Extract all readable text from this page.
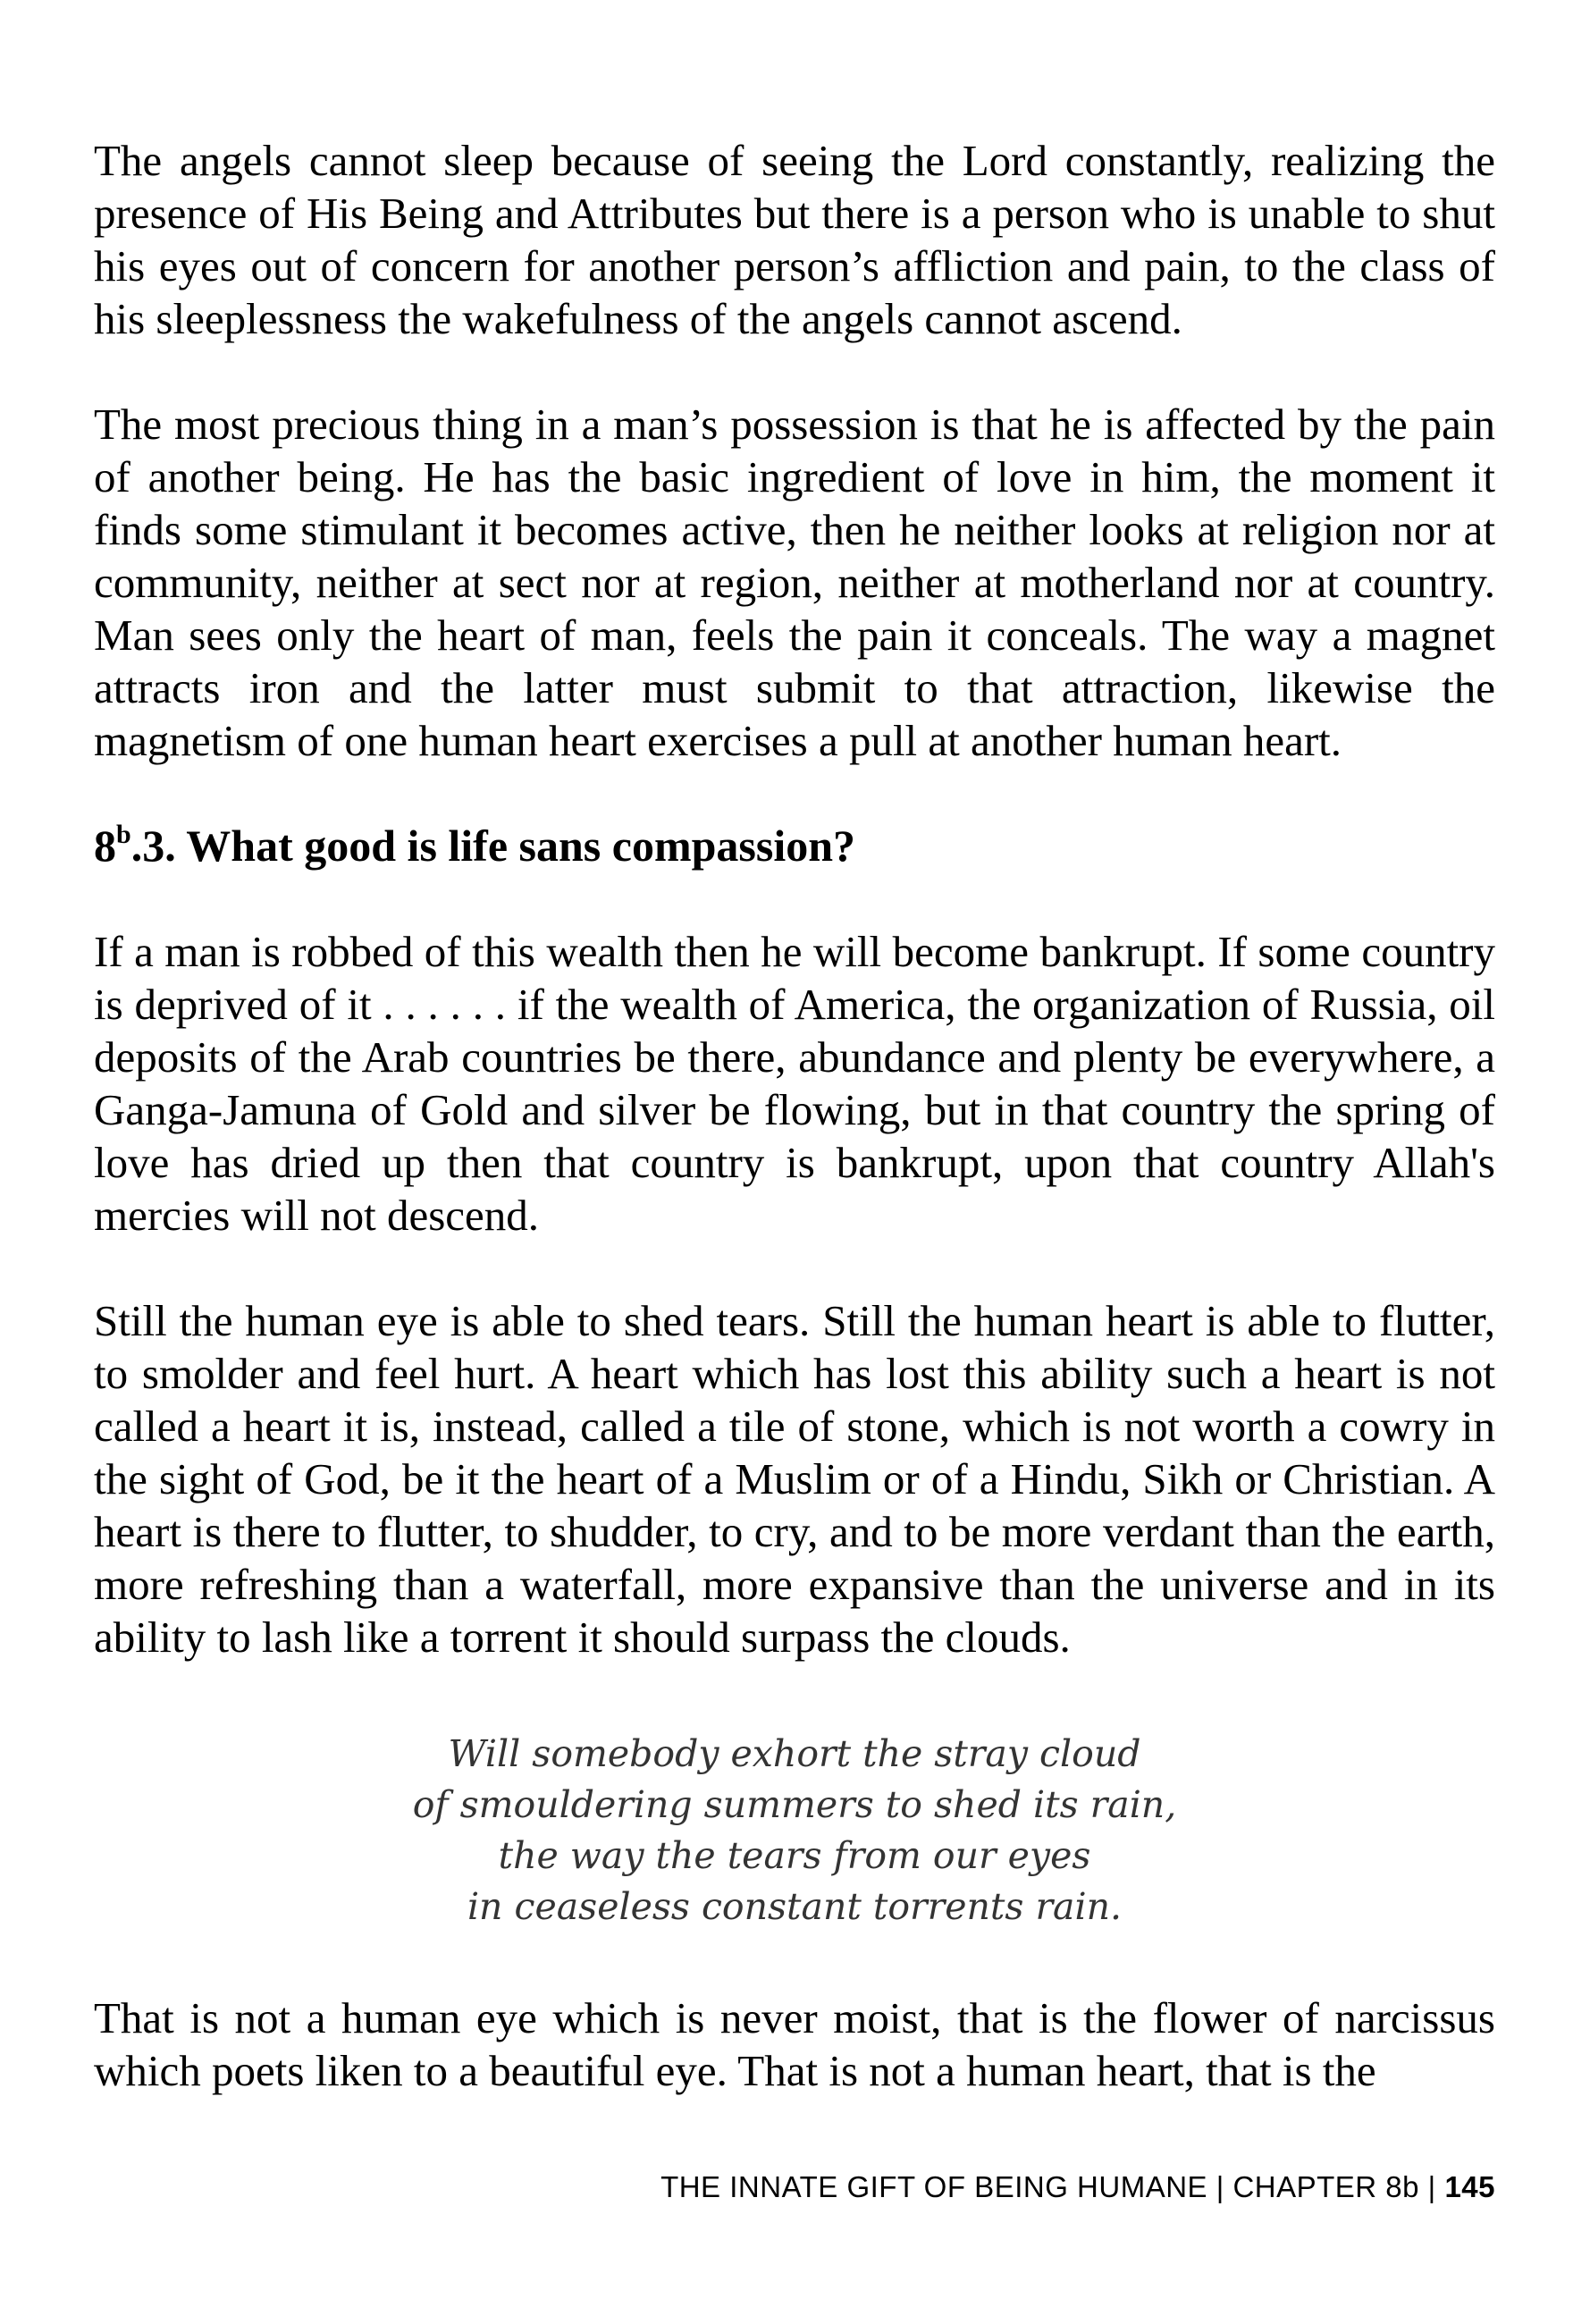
The angels cannot sleep because of seeing the Lord constantly, realizing the presence of His Being and Attributes but there is a person who is unable to shut his eyes out of concern for another person’s affliction and pain, to the class of his sleeplessness the wakefulness of the angels cannot ascend.

The most precious thing in a man’s possession is that he is affected by the pain of another being. He has the basic ingredient of love in him, the moment it finds some stimulant it becomes active, then he neither looks at religion nor at community, neither at sect nor at region, neither at motherland nor at country. Man sees only the heart of man, feels the pain it conceals. The way a magnet attracts iron and the latter must submit to that attraction, likewise the magnetism of one human heart exercises a pull at another human heart.

8$^b$.3. What good is life sans compassion?

If a man is robbed of this wealth then he will become bankrupt. If some country is deprived of it . . . . . . if the wealth of America, the organization of Russia, oil deposits of the Arab countries be there, abundance and plenty be everywhere, a Ganga-Jamuna of Gold and silver be flowing, but in that country the spring of love has dried up then that country is bankrupt, upon that country Allah's mercies will not descend.

Still the human eye is able to shed tears. Still the human heart is able to flutter, to smolder and feel hurt. A heart which has lost this ability such a heart is not called a heart it is, instead, called a tile of stone, which is not worth a cowry in the sight of God, be it the heart of a Muslim or of a Hindu, Sikh or Christian. A heart is there to flutter, to shudder, to cry, and to be more verdant than the earth, more refreshing than a waterfall, more expansive than the universe and in its ability to lash like a torrent it should surpass the clouds.

Will somebody exhort the stray cloud
of smouldering summers to shed its rain,
the way the tears from our eyes
in ceaseless constant torrents rain.

That is not a human eye which is never moist, that is the flower of narcissus which poets liken to a beautiful eye. That is not a human heart, that is the

THE INNATE GIFT OF BEING HUMANE | CHAPTER 8b | 145
